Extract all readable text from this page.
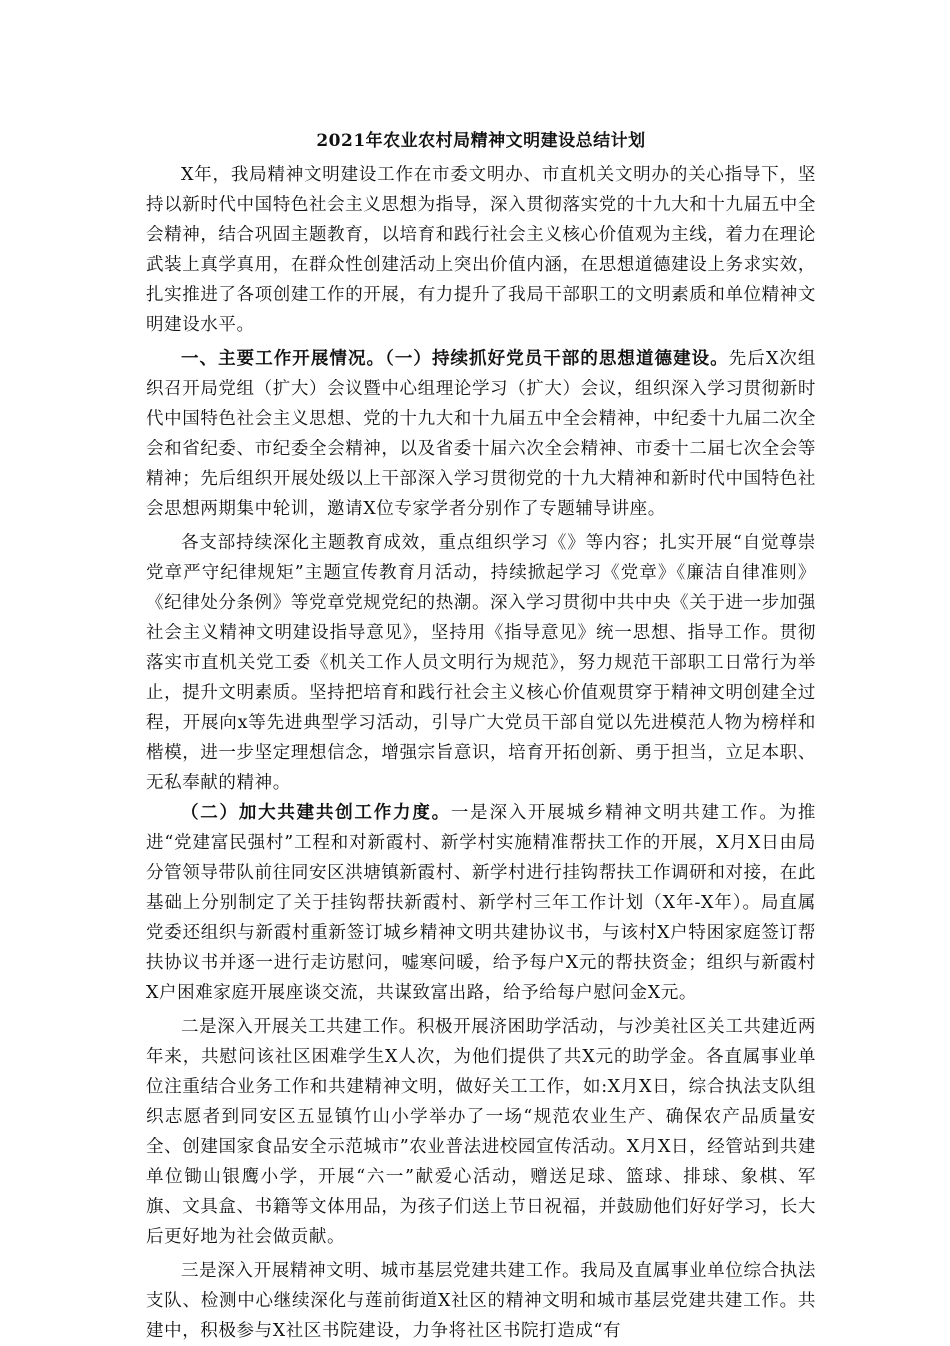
2021年农业农村局精神文明建设总结计划

X年，我局精神文明建设工作在市委文明办、市直机关文明办的关心指导下，坚持以新时代中国特色社会主义思想为指导，深入贯彻落实党的十九大和十九届五中全会精神，结合巩固主题教育，以培育和践行社会主义核心价值观为主线，着力在理论武装上真学真用，在群众性创建活动上突出价值内涵，在思想道德建设上务求实效，扎实推进了各项创建工作的开展，有力提升了我局干部职工的文明素质和单位精神文明建设水平。

一、主要工作开展情况。（一）持续抓好党员干部的思想道德建设。先后X次组织召开局党组（扩大）会议暨中心组理论学习（扩大）会议，组织深入学习贯彻新时代中国特色社会主义思想、党的十九大和十九届五中全会精神，中纪委十九届二次全会和省纪委、市纪委全会精神，以及省委十届六次全会精神、市委十二届七次全会等精神；先后组织开展处级以上干部深入学习贯彻党的十九大精神和新时代中国特色社会思想两期集中轮训，邀请X位专家学者分别作了专题辅导讲座。

各支部持续深化主题教育成效，重点组织学习《》等内容；扎实开展“自觉尊崇党章严守纪律规矩”主题宣传教育月活动，持续掀起学习《党章》《廉洁自律准则》《纪律处分条例》等党章党规党纪的热潮。深入学习贯彻中共中央《关于进一步加强社会主义精神文明建设指导意见》，坚持用《指导意见》统一思想、指导工作。贯彻落实市直机关党工委《机关工作人员文明行为规范》，努力规范干部职工日常行为举止，提升文明素质。坚持把培育和践行社会主义核心价值观贯穿于精神文明创建全过程，开展向x等先进典型学习活动，引导广大党员干部自觉以先进模范人物为榜样和楷模，进一步坚定理想信念，增强宗旨意识，培育开拓创新、勇于担当，立足本职、无私奉献的精神。

（二）加大共建共创工作力度。一是深入开展城乡精神文明共建工作。为推进“党建富民强村”工程和对新霞村、新学村实施精准帮扶工作的开展，X月X日由局分管领导带队前往同安区洪塘镇新霞村、新学村进行挂钩帮扶工作调研和对接，在此基础上分别制定了关于挂钩帮扶新霞村、新学村三年工作计划（X年-X年）。局直属党委还组织与新霞村重新签订城乡精神文明共建协议书，与该村X户特困家庭签订帮扶协议书并逐一进行走访慰问，嘘寒问暖，给予每户X元的帮扶资金；组织与新霞村X户困难家庭开展座谈交流，共谋致富出路，给予给每户慰问金X元。

二是深入开展关工共建工作。积极开展济困助学活动，与沙美社区关工共建近两年来，共慰问该社区困难学生X人次，为他们提供了共X元的助学金。各直属事业单位注重结合业务工作和共建精神文明，做好关工工作，如:X月X日，综合执法支队组织志愿者到同安区五显镇竹山小学举办了一场“规范农业生产、确保农产品质量安全、创建国家食品安全示范城市”农业普法进校园宣传活动。X月X日，经管站到共建单位锄山银鹰小学，开展“六一”献爱心活动，赠送足球、篮球、排球、象棋、军旗、文具盒、书籍等文体用品，为孩子们送上节日祝福，并鼓励他们好好学习，长大后更好地为社会做贡献。

三是深入开展精神文明、城市基层党建共建工作。我局及直属事业单位综合执法支队、检测中心继续深化与莲前街道X社区的精神文明和城市基层党建共建工作。共建中，积极参与X社区书院建设，力争将社区书院打造成“有
